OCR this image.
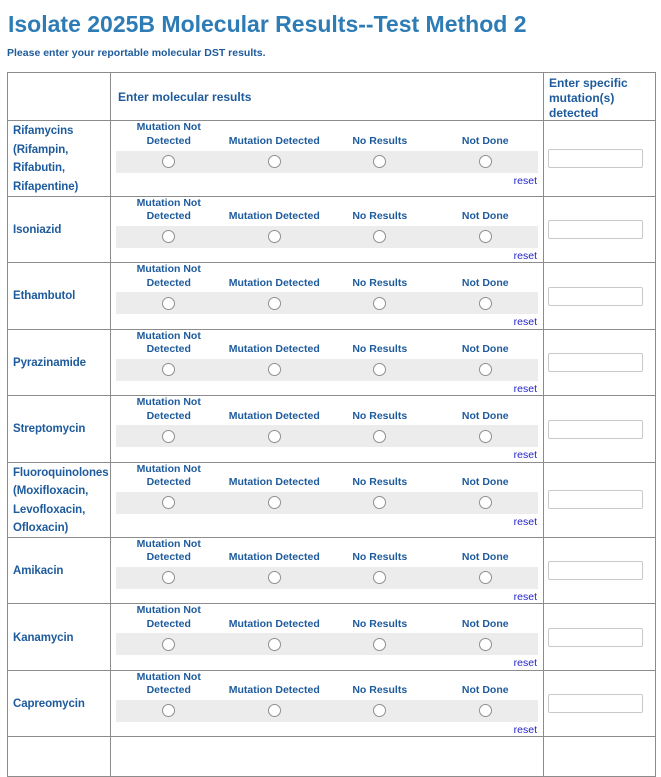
Isolate 2025B Molecular Results--Test Method 2

Please enter your reportable molecular DST results.

	Enter molecular results	Enter specific mutation(s) detected
Rifamycins (Rifampin, Rifabutin, Rifapentine)	Mutation Not Detected Mutation Detected No Results Not Done
reset

Isoniazid	Mutation Not Detected Mutation Detected No Results Not Done
reset

Ethambutol	Mutation Not Detected Mutation Detected No Results Not Done
reset

Pyrazinamide	Mutation Not Detected Mutation Detected No Results Not Done
reset

Streptomycin	Mutation Not Detected Mutation Detected No Results Not Done
reset

Fluoroquinolones (Moxifloxacin, Levofloxacin, Ofloxacin)	Mutation Not Detected Mutation Detected No Results Not Done
reset

Amikacin	Mutation Not Detected Mutation Detected No Results Not Done
reset

Kanamycin	Mutation Not Detected Mutation Detected No Results Not Done
reset

Capreomycin	Mutation Not Detected Mutation Detected No Results Not Done
reset
